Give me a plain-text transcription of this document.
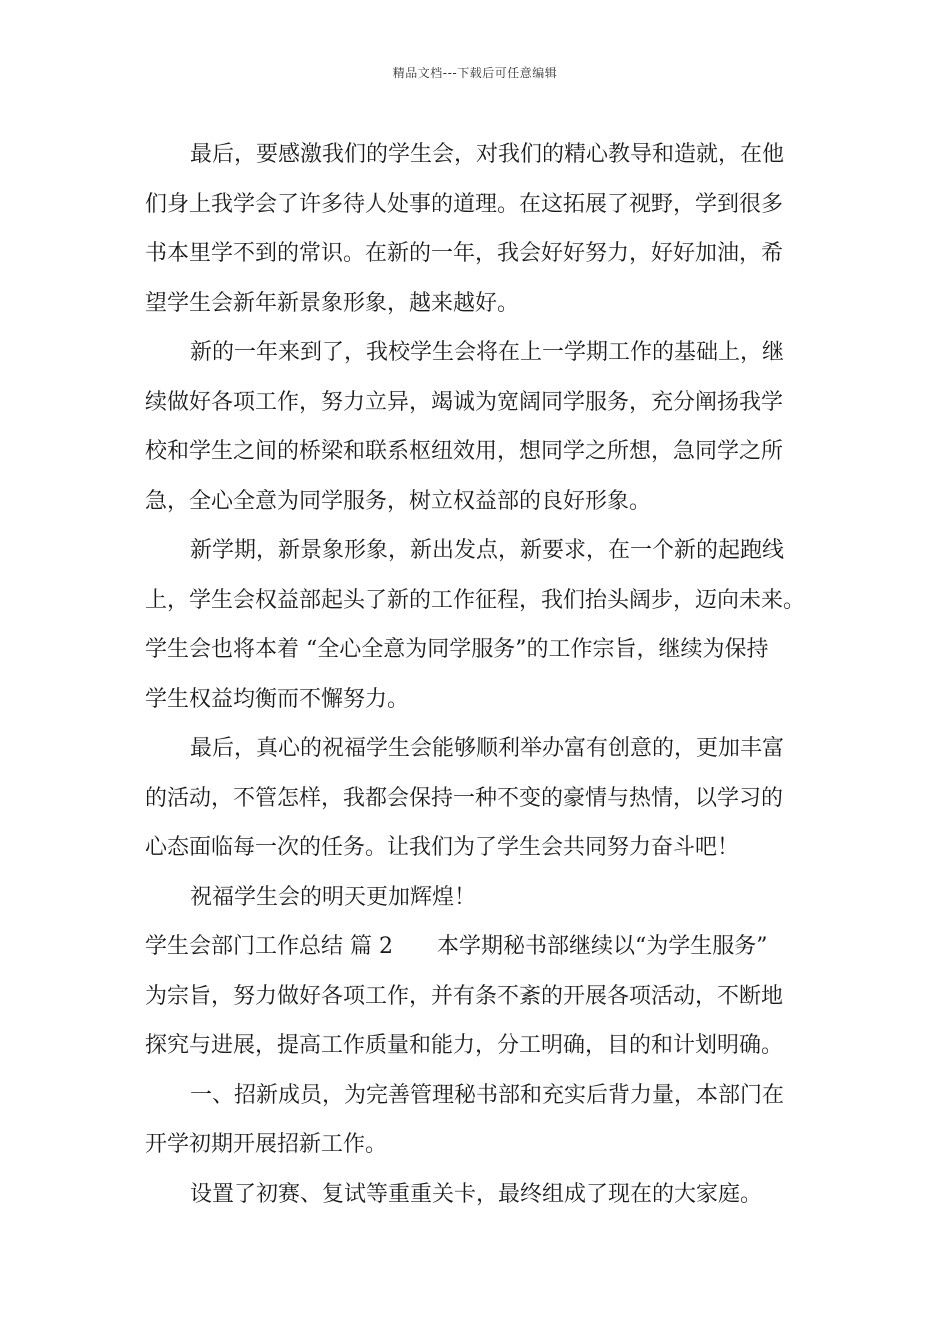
精品文档---下载后可任意编辑

最后，要感激我们的学生会，对我们的精心教导和造就，在他

们身上我学会了许多待人处事的道理。在这拓展了视野，学到很多

书本里学不到的常识。在新的一年，我会好好努力，好好加油，希

望学生会新年新景象形象，越来越好。

新的一年来到了，我校学生会将在上一学期工作的基础上，继

续做好各项工作，努力立异，竭诚为宽阔同学服务，充分阐扬我学

校和学生之间的桥梁和联系枢纽效用，想同学之所想，急同学之所

急，全心全意为同学服务，树立权益部的良好形象。

新学期，新景象形象，新出发点，新要求，在一个新的起跑线

上，学生会权益部起头了新的工作征程，我们抬头阔步，迈向未来。

学生会也将本着 “全心全意为同学服务”的工作宗旨，继续为保持

学生权益均衡而不懈努力。

最后，真心的祝福学生会能够顺利举办富有创意的，更加丰富

的活动，不管怎样，我都会保持一种不变的豪情与热情，以学习的

心态面临每一次的任务。让我们为了学生会共同努力奋斗吧！

祝福学生会的明天更加辉煌！

学生会部门工作总结 篇 2 本学期秘书部继续以“为学生服务”

为宗旨，努力做好各项工作，并有条不紊的开展各项活动，不断地

探究与进展，提高工作质量和能力，分工明确，目的和计划明确。

一、招新成员，为完善管理秘书部和充实后背力量，本部门在

开学初期开展招新工作。

设置了初赛、复试等重重关卡，最终组成了现在的大家庭。
